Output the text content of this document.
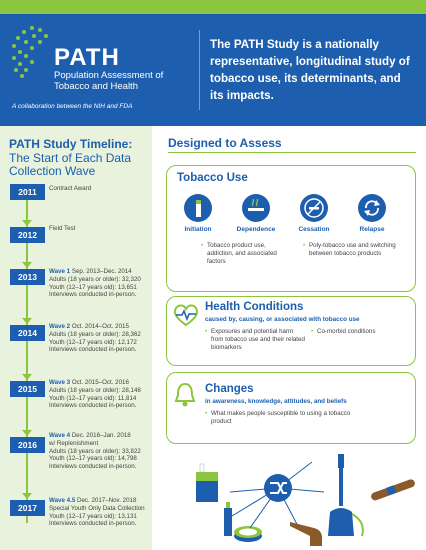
PATH
Population Assessment of Tobacco and Health
A collaboration between the NIH and FDA
The PATH Study is a nationally representative, longitudinal study of tobacco use, its determinants, and its impacts.
PATH Study Timeline:
The Start of Each Data Collection Wave
2011	Contract Award
2012
Field Test
2013
Wave 1 Sep. 2013–Dec. 2014
Adults (18 years or older): 32,320
Youth (12–17 years old): 13,651
Interviews conducted in-person.
2014
Wave 2 Oct. 2014–Oct. 2015
Adults (18 years or older): 28,362
Youth (12–17 years old): 12,172
Interviews conducted in-person.
2015
Wave 3 Oct. 2015–Oct. 2016
Adults (18 years or older): 28,148
Youth (12–17 years old): 11,814
Interviews conducted in-person.
2016
Wave 4 Dec. 2016–Jan. 2018
w/ Replenishment
Adults (18 years or older): 33,822
Youth (12–17 years old): 14,798
Interviews conducted in-person.
2017
Wave 4.5 Dec. 2017–Nov. 2018
Special Youth Only Data Collection
Youth (12–17 years old): 13,131
Interviews conducted in-person.
Designed to Assess
Tobacco Use
Initiation	Dependence	Cessation	Relapse
• Tobacco product use, addiction, and associated factors
• Poly-tobacco use and switching between tobacco products
Health Conditions
caused by, causing, or associated with tobacco use
• Exposures and potential harm from tobacco use and their related biomarkers
• Co-morbid conditions
Changes
in awareness, knowledge, attitudes, and beliefs
• What makes people susceptible to using a tobacco product
